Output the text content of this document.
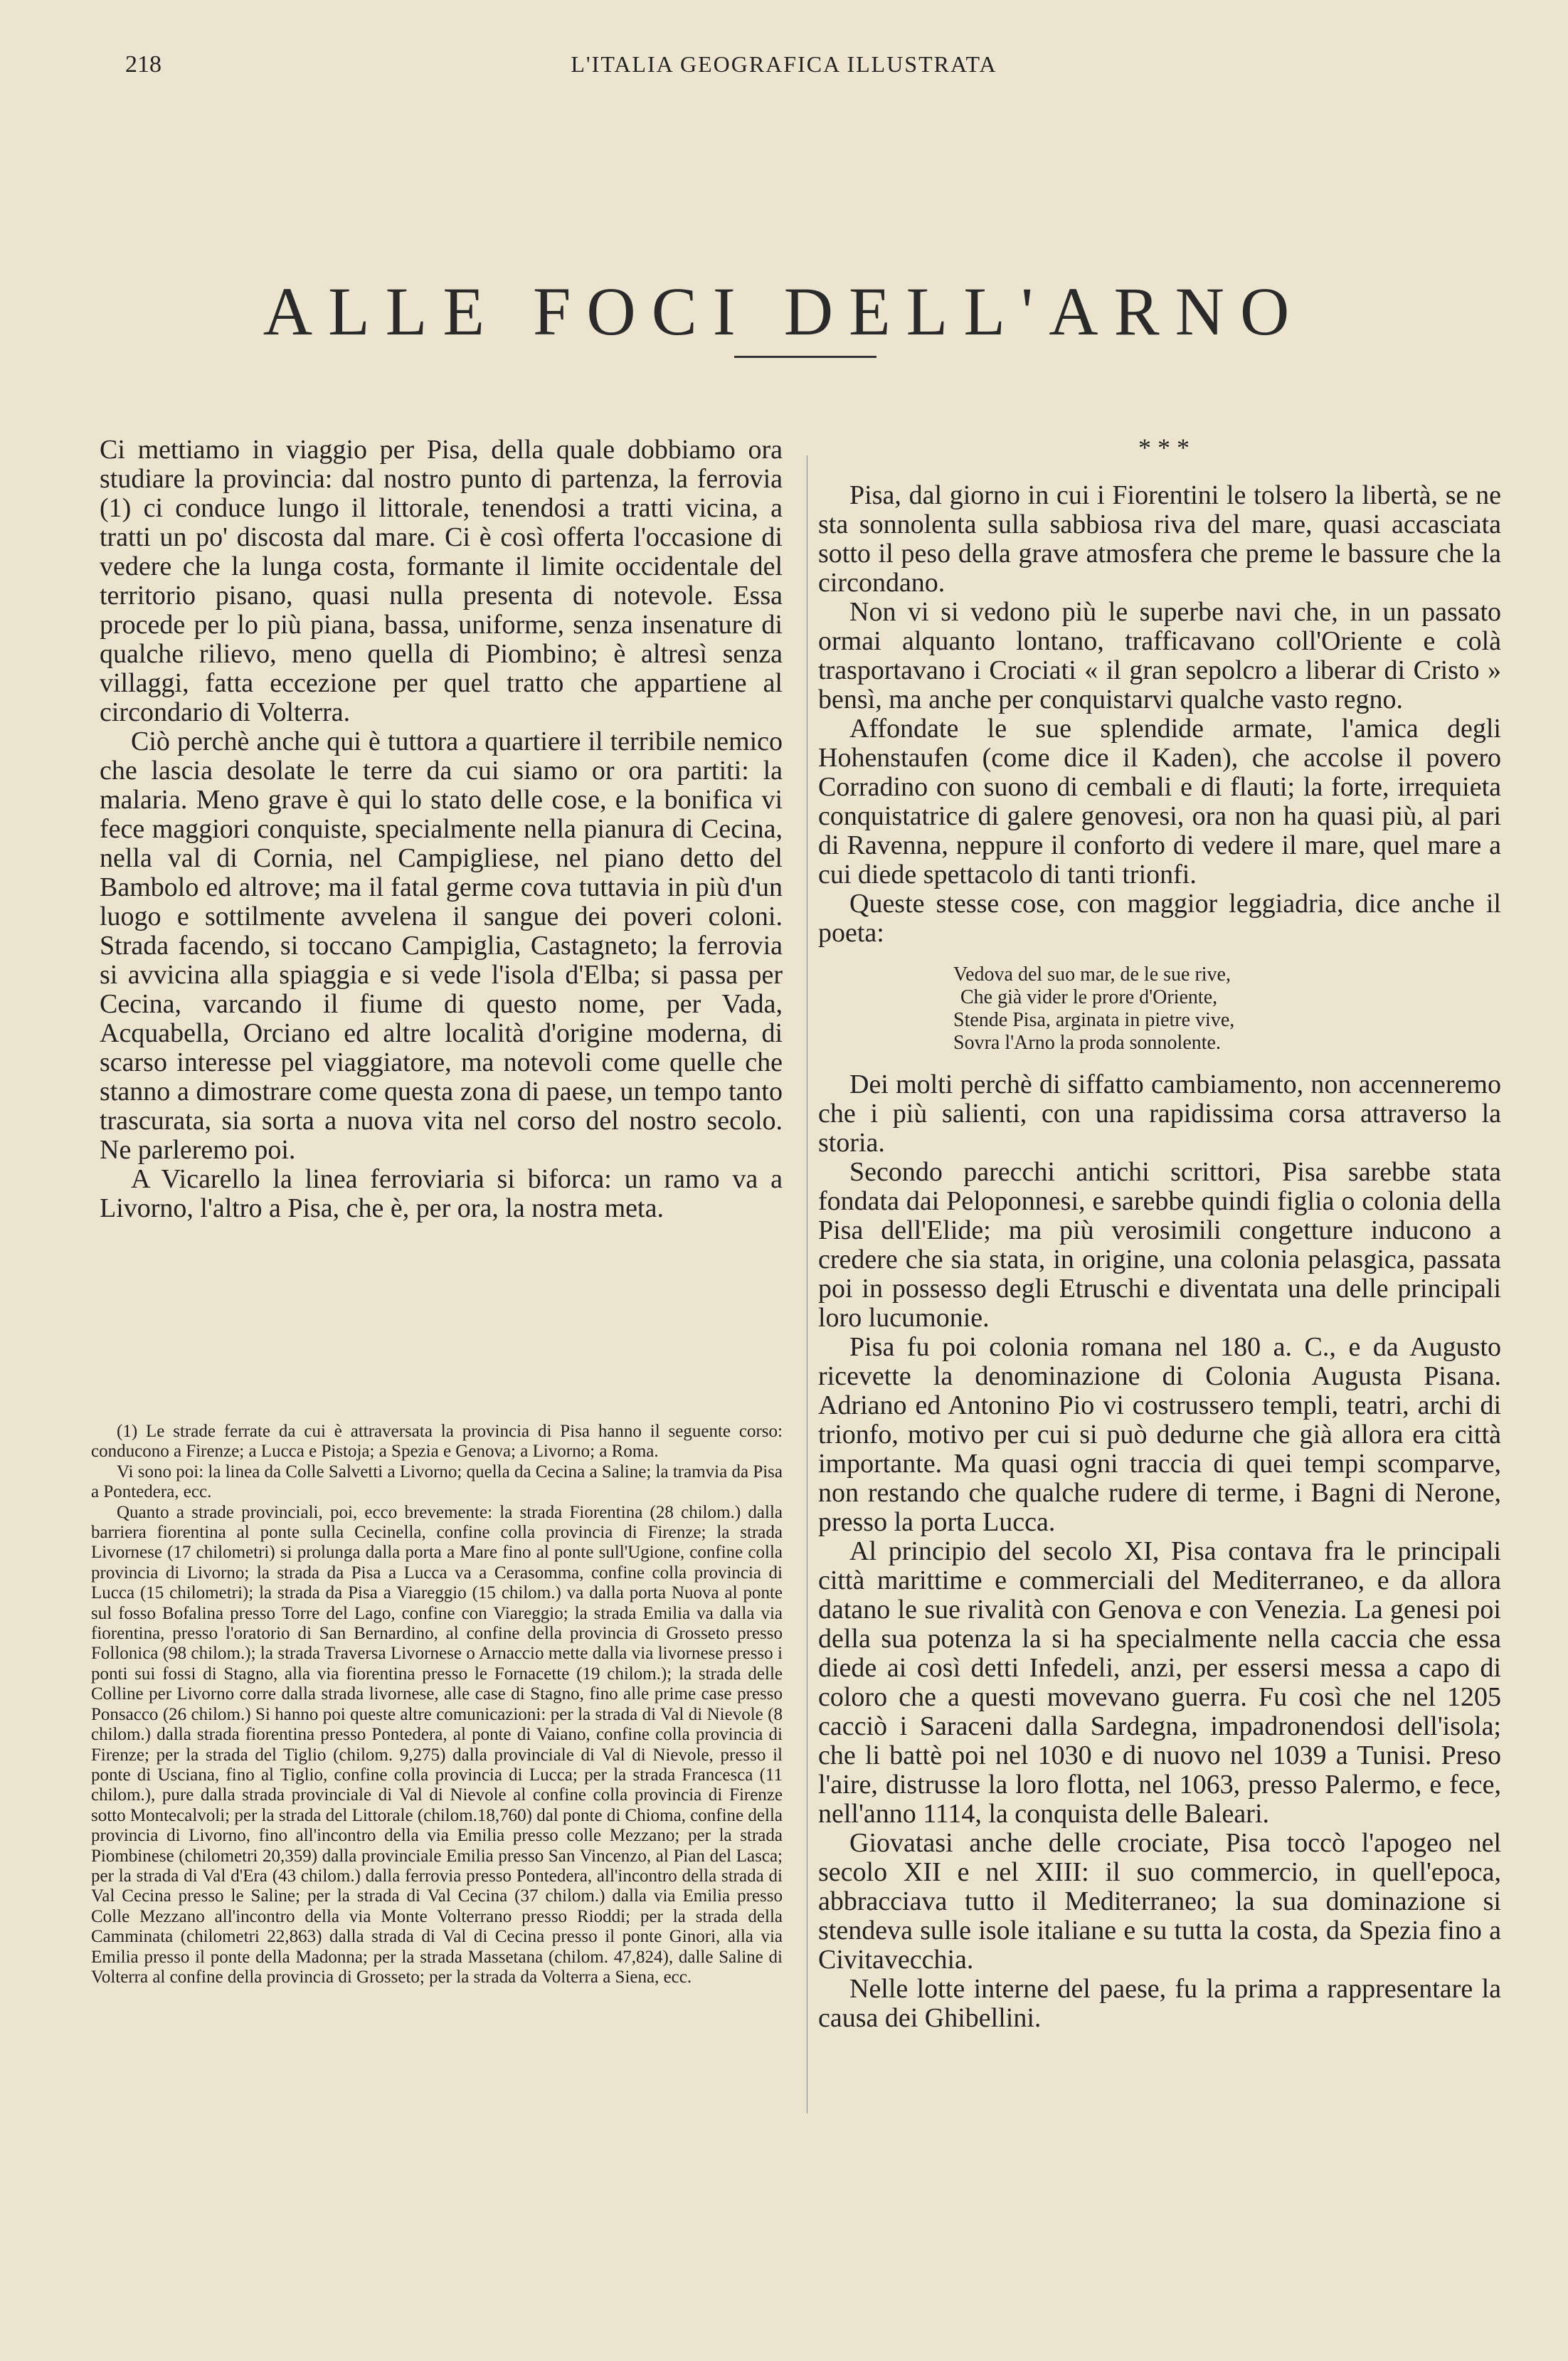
218	L'ITALIA GEOGRAFICA ILLUSTRATA
ALLE FOCI DELL'ARNO

Ci mettiamo in viaggio per Pisa, della quale dobbiamo ora studiare la provincia: dal nostro punto di partenza, la ferrovia (1) ci conduce lungo il littorale, tenendosi a tratti vicina, a tratti un po' discosta dal mare. Ci è così offerta l'occasione di vedere che la lunga costa, formante il limite occidentale del territorio pisano, quasi nulla presenta di notevole. Essa procede per lo più piana, bassa, uniforme, senza insenature di qualche rilievo, meno quella di Piombino; è altresì senza villaggi, fatta eccezione per quel tratto che appartiene al circondario di Volterra.

Ciò perchè anche qui è tuttora a quartiere il terribile nemico che lascia desolate le terre da cui siamo or ora partiti: la malaria. Meno grave è qui lo stato delle cose, e la bonifica vi fece maggiori conquiste, specialmente nella pianura di Cecina, nella val di Cornia, nel Campigliese, nel piano detto del Bambolo ed altrove; ma il fatal germe cova tuttavia in più d'un luogo e sottilmente avvelena il sangue dei poveri coloni. Strada facendo, si toccano Campiglia, Castagneto; la ferrovia si avvicina alla spiaggia e si vede l'isola d'Elba; si passa per Cecina, varcando il fiume di questo nome, per Vada, Acquabella, Orciano ed altre località d'origine moderna, di scarso interesse pel viaggiatore, ma notevoli come quelle che stanno a dimostrare come questa zona di paese, un tempo tanto trascurata, sia sorta a nuova vita nel corso del nostro secolo. Ne parleremo poi.

A Vicarello la linea ferroviaria si biforca: un ramo va a Livorno, l'altro a Pisa, che è, per ora, la nostra meta.

(1) Le strade ferrate da cui è attraversata la provincia di Pisa hanno il seguente corso: conducono a Firenze; a Lucca e Pistoja; a Spezia e Genova; a Livorno; a Roma.

Vi sono poi: la linea da Colle Salvetti a Livorno; quella da Cecina a Saline; la tramvia da Pisa a Pontedera, ecc.

Quanto a strade provinciali, poi, ecco brevemente: la strada Fiorentina (28 chilom.) dalla barriera fiorentina al ponte sulla Cecinella, confine colla provincia di Firenze; la strada Livornese (17 chilometri) si prolunga dalla porta a Mare fino al ponte sull'Ugione, confine colla provincia di Livorno; la strada da Pisa a Lucca va a Cerasomma, confine colla provincia di Lucca (15 chilometri); la strada da Pisa a Viareggio (15 chilom.) va dalla porta Nuova al ponte sul fosso Bofalina presso Torre del Lago, confine con Viareggio; la strada Emilia va dalla via fiorentina, presso l'oratorio di San Bernardino, al confine della provincia di Grosseto presso Follonica (98 chilom.); la strada Traversa Livornese o Arnaccio mette dalla via livornese presso i ponti sui fossi di Stagno, alla via fiorentina presso le Fornacette (19 chilom.); la strada delle Colline per Livorno corre dalla strada livornese, alle case di Stagno, fino alle prime case presso Ponsacco (26 chilom.) Si hanno poi queste altre comunicazioni: per la strada di Val di Nievole (8 chilom.) dalla strada fiorentina presso Pontedera, al ponte di Vaiano, confine colla provincia di Firenze; per la strada del Tiglio (chilom. 9,275) dalla provinciale di Val di Nievole, presso il ponte di Usciana, fino al Tiglio, confine colla provincia di Lucca; per la strada Francesca (11 chilom.), pure dalla strada provinciale di Val di Nievole al confine colla provincia di Firenze sotto Montecalvoli; per la strada del Littorale (chilom.18,760) dal ponte di Chioma, confine della provincia di Livorno, fino all'incontro della via Emilia presso colle Mezzano; per la strada Piombinese (chilometri 20,359) dalla provinciale Emilia presso San Vincenzo, al Pian del Lasca; per la strada di Val d'Era (43 chilom.) dalla ferrovia presso Pontedera, all'incontro della strada di Val Cecina presso le Saline; per la strada di Val Cecina (37 chilom.) dalla via Emilia presso Colle Mezzano all'incontro della via Monte Volterrano presso Rioddi; per la strada della Camminata (chilometri 22,863) dalla strada di Val di Cecina presso il ponte Ginori, alla via Emilia presso il ponte della Madonna; per la strada Massetana (chilom. 47,824), dalle Saline di Volterra al confine della provincia di Grosseto; per la strada da Volterra a Siena, ecc.

* * *

Pisa, dal giorno in cui i Fiorentini le tolsero la libertà, se ne sta sonnolenta sulla sabbiosa riva del mare, quasi accasciata sotto il peso della grave atmosfera che preme le bassure che la circondano.

Non vi si vedono più le superbe navi che, in un passato ormai alquanto lontano, trafficavano coll'Oriente e colà trasportavano i Crociati « il gran sepolcro a liberar di Cristo » bensì, ma anche per conquistarvi qualche vasto regno.

Affondate le sue splendide armate, l'amica degli Hohenstaufen (come dice il Kaden), che accolse il povero Corradino con suono di cembali e di flauti; la forte, irrequieta conquistatrice di galere genovesi, ora non ha quasi più, al pari di Ravenna, neppure il conforto di vedere il mare, quel mare a cui diede spettacolo di tanti trionfi.

Queste stesse cose, con maggior leggiadria, dice anche il poeta:

Vedova del suo mar, de le sue rive,
Che già vider le prore d'Oriente,
Stende Pisa, arginata in pietre vive,
Sovra l'Arno la proda sonnolente.

Dei molti perchè di siffatto cambiamento, non accenneremo che i più salienti, con una rapidissima corsa attraverso la storia.

Secondo parecchi antichi scrittori, Pisa sarebbe stata fondata dai Peloponnesi, e sarebbe quindi figlia o colonia della Pisa dell'Elide; ma più verosimili congetture inducono a credere che sia stata, in origine, una colonia pelasgica, passata poi in possesso degli Etruschi e diventata una delle principali loro lucumonie.

Pisa fu poi colonia romana nel 180 a. C., e da Augusto ricevette la denominazione di Colonia Augusta Pisana. Adriano ed Antonino Pio vi costrussero templi, teatri, archi di trionfo, motivo per cui si può dedurne che già allora era città importante. Ma quasi ogni traccia di quei tempi scomparve, non restando che qualche rudere di terme, i Bagni di Nerone, presso la porta Lucca.

Al principio del secolo XI, Pisa contava fra le principali città marittime e commerciali del Mediterraneo, e da allora datano le sue rivalità con Genova e con Venezia. La genesi poi della sua potenza la si ha specialmente nella caccia che essa diede ai così detti Infedeli, anzi, per essersi messa a capo di coloro che a questi movevano guerra. Fu così che nel 1205 cacciò i Saraceni dalla Sardegna, impadronendosi dell'isola; che li battè poi nel 1030 e di nuovo nel 1039 a Tunisi. Preso l'aire, distrusse la loro flotta, nel 1063, presso Palermo, e fece, nell'anno 1114, la conquista delle Baleari.

Giovatasi anche delle crociate, Pisa toccò l'apogeo nel secolo XII e nel XIII: il suo commercio, in quell'epoca, abbracciava tutto il Mediterraneo; la sua dominazione si stendeva sulle isole italiane e su tutta la costa, da Spezia fino a Civitavecchia.

Nelle lotte interne del paese, fu la prima a rappresentare la causa dei Ghibellini.
